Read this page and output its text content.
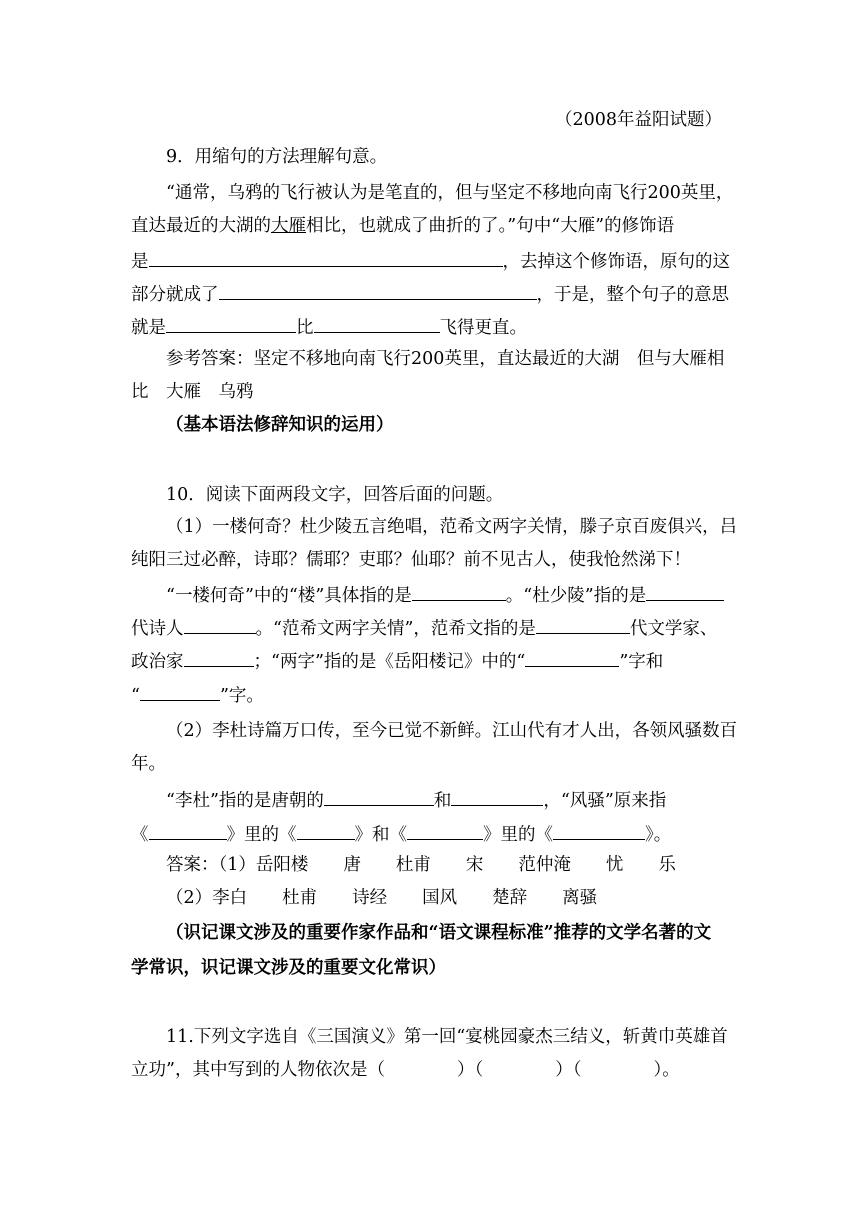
（2008年益阳试题）
9．用缩句的方法理解句意。
“通常，乌鸦的飞行被认为是笔直的，但与坚定不移地向南飞行200英里，
直达最近的大湖的大雁相比，也就成了曲折的了。”句中“大雁”的修饰语
是	，去掉这个修饰语，原句的这
部分就成了	，于是，整个句子的意思
就是	比	飞得更直。
参考答案：坚定不移地向南飞行200英里，直达最近的大湖　但与大雁相
比　大雁　乌鸦
（基本语法修辞知识的运用）
10．阅读下面两段文字，回答后面的问题。
（1）一楼何奇？杜少陵五言绝唱，范希文两字关情，滕子京百废俱兴，吕
纯阳三过必醉，诗耶？儒耶？吏耶？仙耶？前不见古人，使我怆然涕下！
“一楼何奇”中的“楼”具体指的是	。“杜少陵”指的是
代诗人	。“范希文两字关情”，范希文指的是	代文学家、
政治家	；“两字”指的是《岳阳楼记》中的“	”字和
“	”字。
（2）李杜诗篇万口传，至今已觉不新鲜。江山代有才人出，各领风骚数百
年。
“李杜”指的是唐朝的	和	，“风骚”原来指
《	》里的《	》和《	》里的《	》。
答案：（1）岳阳楼　　唐　　杜甫　　宋　　范仲淹　　忧　　乐
（2）李白　　杜甫　　诗经　　国风　　楚辞　　离骚
（识记课文涉及的重要作家作品和“语文课程标准”推荐的文学名著的文
学常识，识记课文涉及的重要文化常识）
11.下列文字选自《三国演义》第一回“宴桃园豪杰三结义，斩黄巾英雄首
立功”，其中写到的人物依次是（	）（	）（	）。
